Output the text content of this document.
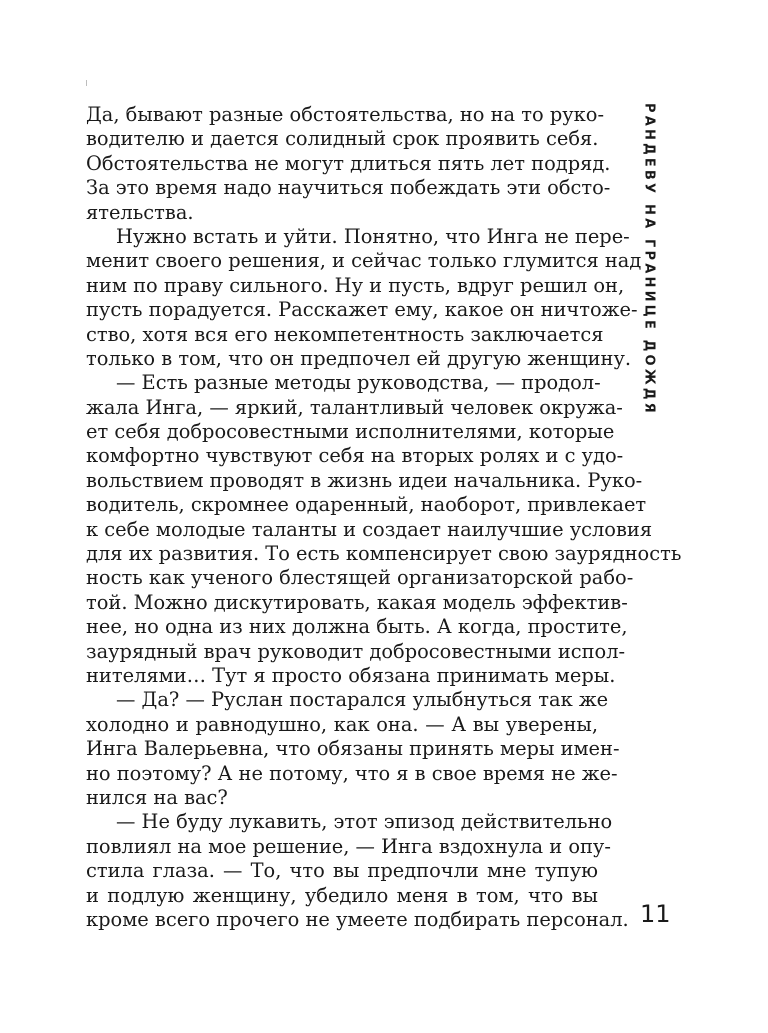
Да, бывают разные обстоятельства, но на то руко-
водителю и дается солидный срок проявить себя.
Обстоятельства не могут длиться пять лет подряд.
За это время надо научиться побеждать эти обсто-
ятельства.
Нужно встать и уйти. Понятно, что Инга не пере-
менит своего решения, и сейчас только глумится над
ним по праву сильного. Ну и пусть, вдруг решил он,
пусть порадуется. Расскажет ему, какое он ничтоже-
ство, хотя вся его некомпетентность заключается
только в том, что он предпочел ей другую женщину.
— Есть разные методы руководства, — продол-
жала Инга, — яркий, талантливый человек окружа-
ет себя добросовестными исполнителями, которые
комфортно чувствуют себя на вторых ролях и с удо-
вольствием проводят в жизнь идеи начальника. Руко-
водитель, скромнее одаренный, наоборот, привлекает
к себе молодые таланты и создает наилучшие условия
для их развития. То есть компенсирует свою заурядность
ность как ученого блестящей организаторской рабо-
той. Можно дискутировать, какая модель эффектив-
нее, но одна из них должна быть. А когда, простите,
заурядный врач руководит добросовестными испол-
нителями… Тут я просто обязана принимать меры.
— Да? — Руслан постарался улыбнуться так же
холодно и равнодушно, как она. — А вы уверены,
Инга Валерьевна, что обязаны принять меры имен-
но поэтому? А не потому, что я в свое время не же-
нился на вас?
— Не буду лукавить, этот эпизод действительно
повлиял на мое решение, — Инга вздохнула и опу-
стила глаза. — То, что вы предпочли мне тупую
и подлую женщину, убедило меня в том, что вы
кроме всего прочего не умеете подбирать персонал.
РАНДЕВУ НА ГРАНИЦЕ ДОЖДЯ
11
